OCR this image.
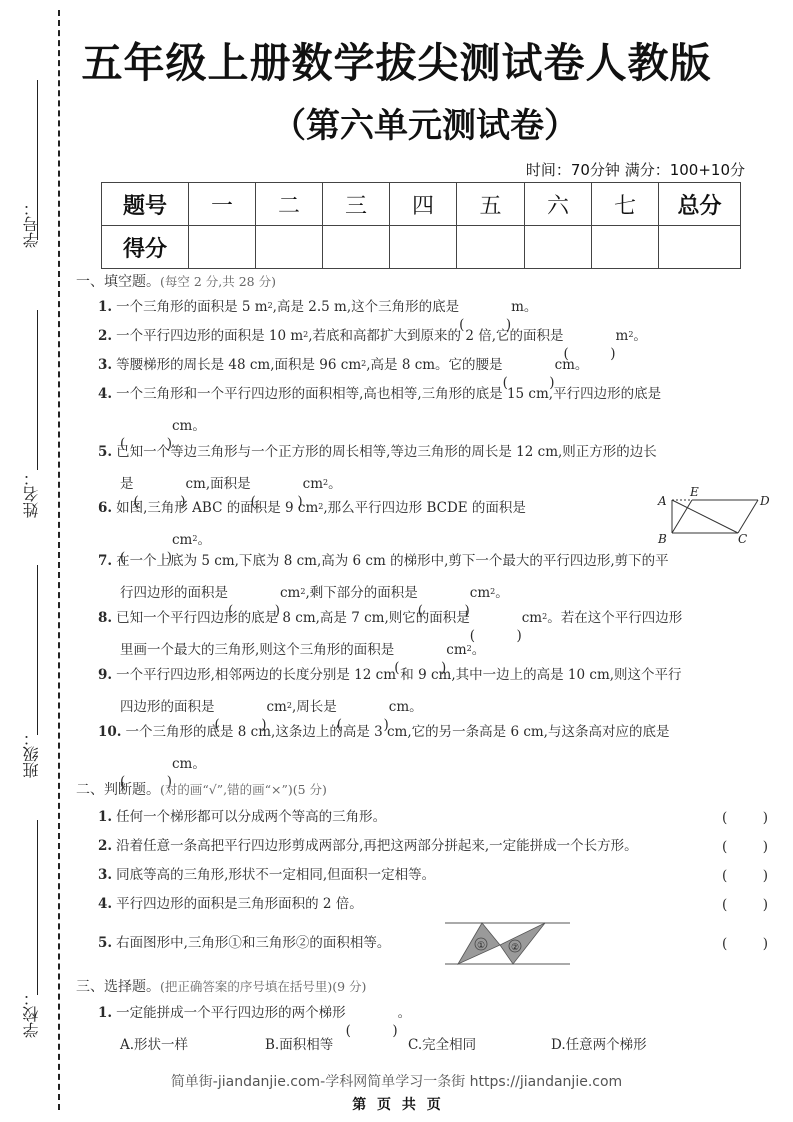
学号：
姓名：
班级：
学校：
五年级上册数学拔尖测试卷人教版
（第六单元测试卷）
时间：70分钟 满分：100+10分
题号	一	二	三	四	五	六	七	总分
得分								
一、填空题。(每空 2 分,共 28 分)
1. 一个三角形的面积是 5 $m^2$,高是 2.5 m,这个三角形的底是	m。
2. 一个平行四边形的面积是 10 $m^2$,若底和高都扩大到原来的 2 倍,它的面积是	$m^2$。
3. 等腰梯形的周长是 48 cm,面积是 96 $cm^2$,高是 8 cm。它的腰是	cm。
4. 一个三角形和一个平行四边形的面积相等,高也相等,三角形的底是 15 cm,平行四边形的底是
cm。
5. 已知一个等边三角形与一个正方形的周长相等,等边三角形的周长是 12 cm,则正方形的边长
是	cm,面积是	$cm^2$。
6. 如图,三角形 ABC 的面积是 9 $cm^2$,那么平行四边形 BCDE 的面积是
$cm^2$。
A
E
D
B	C
7. 在一个上底为 5 cm,下底为 8 cm,高为 6 cm 的梯形中,剪下一个最大的平行四边形,剪下的平
行四边形的面积是	$cm^2$,剩下部分的面积是	$cm^2$。
8. 已知一个平行四边形的底是 8 cm,高是 7 cm,则它的面积是	$cm^2$。若在这个平行四边形
里画一个最大的三角形,则这个三角形的面积是	$cm^2$。
9. 一个平行四边形,相邻两边的长度分别是 12 cm 和 9 cm,其中一边上的高是 10 cm,则这个平行
四边形的面积是	$cm^2$,周长是	cm。
10. 一个三角形的底是 8 cm,这条边上的高是 3 cm,它的另一条高是 6 cm,与这条高对应的底是
cm。
二、判断题。(对的画“√”,错的画“×”)(5 分)
1. 任何一个梯形都可以分成两个等高的三角形。
2. 沿着任意一条高把平行四边形剪成两部分,再把这两部分拼起来,一定能拼成一个长方形。
3. 同底等高的三角形,形状不一定相同,但面积一定相等。
4. 平行四边形的面积是三角形面积的 2 倍。
5. 右面图形中,三角形①和三角形②的面积相等。	①	②
三、选择题。(把正确答案的序号填在括号里)(9 分)
1. 一定能拼成一个平行四边形的两个梯形	。
A.形状一样	B.面积相等	C.完全相同	D.任意两个梯形
简单街-jiandanjie.com-学科网简单学习一条街 https://jiandanjie.com
第 页 共 页
